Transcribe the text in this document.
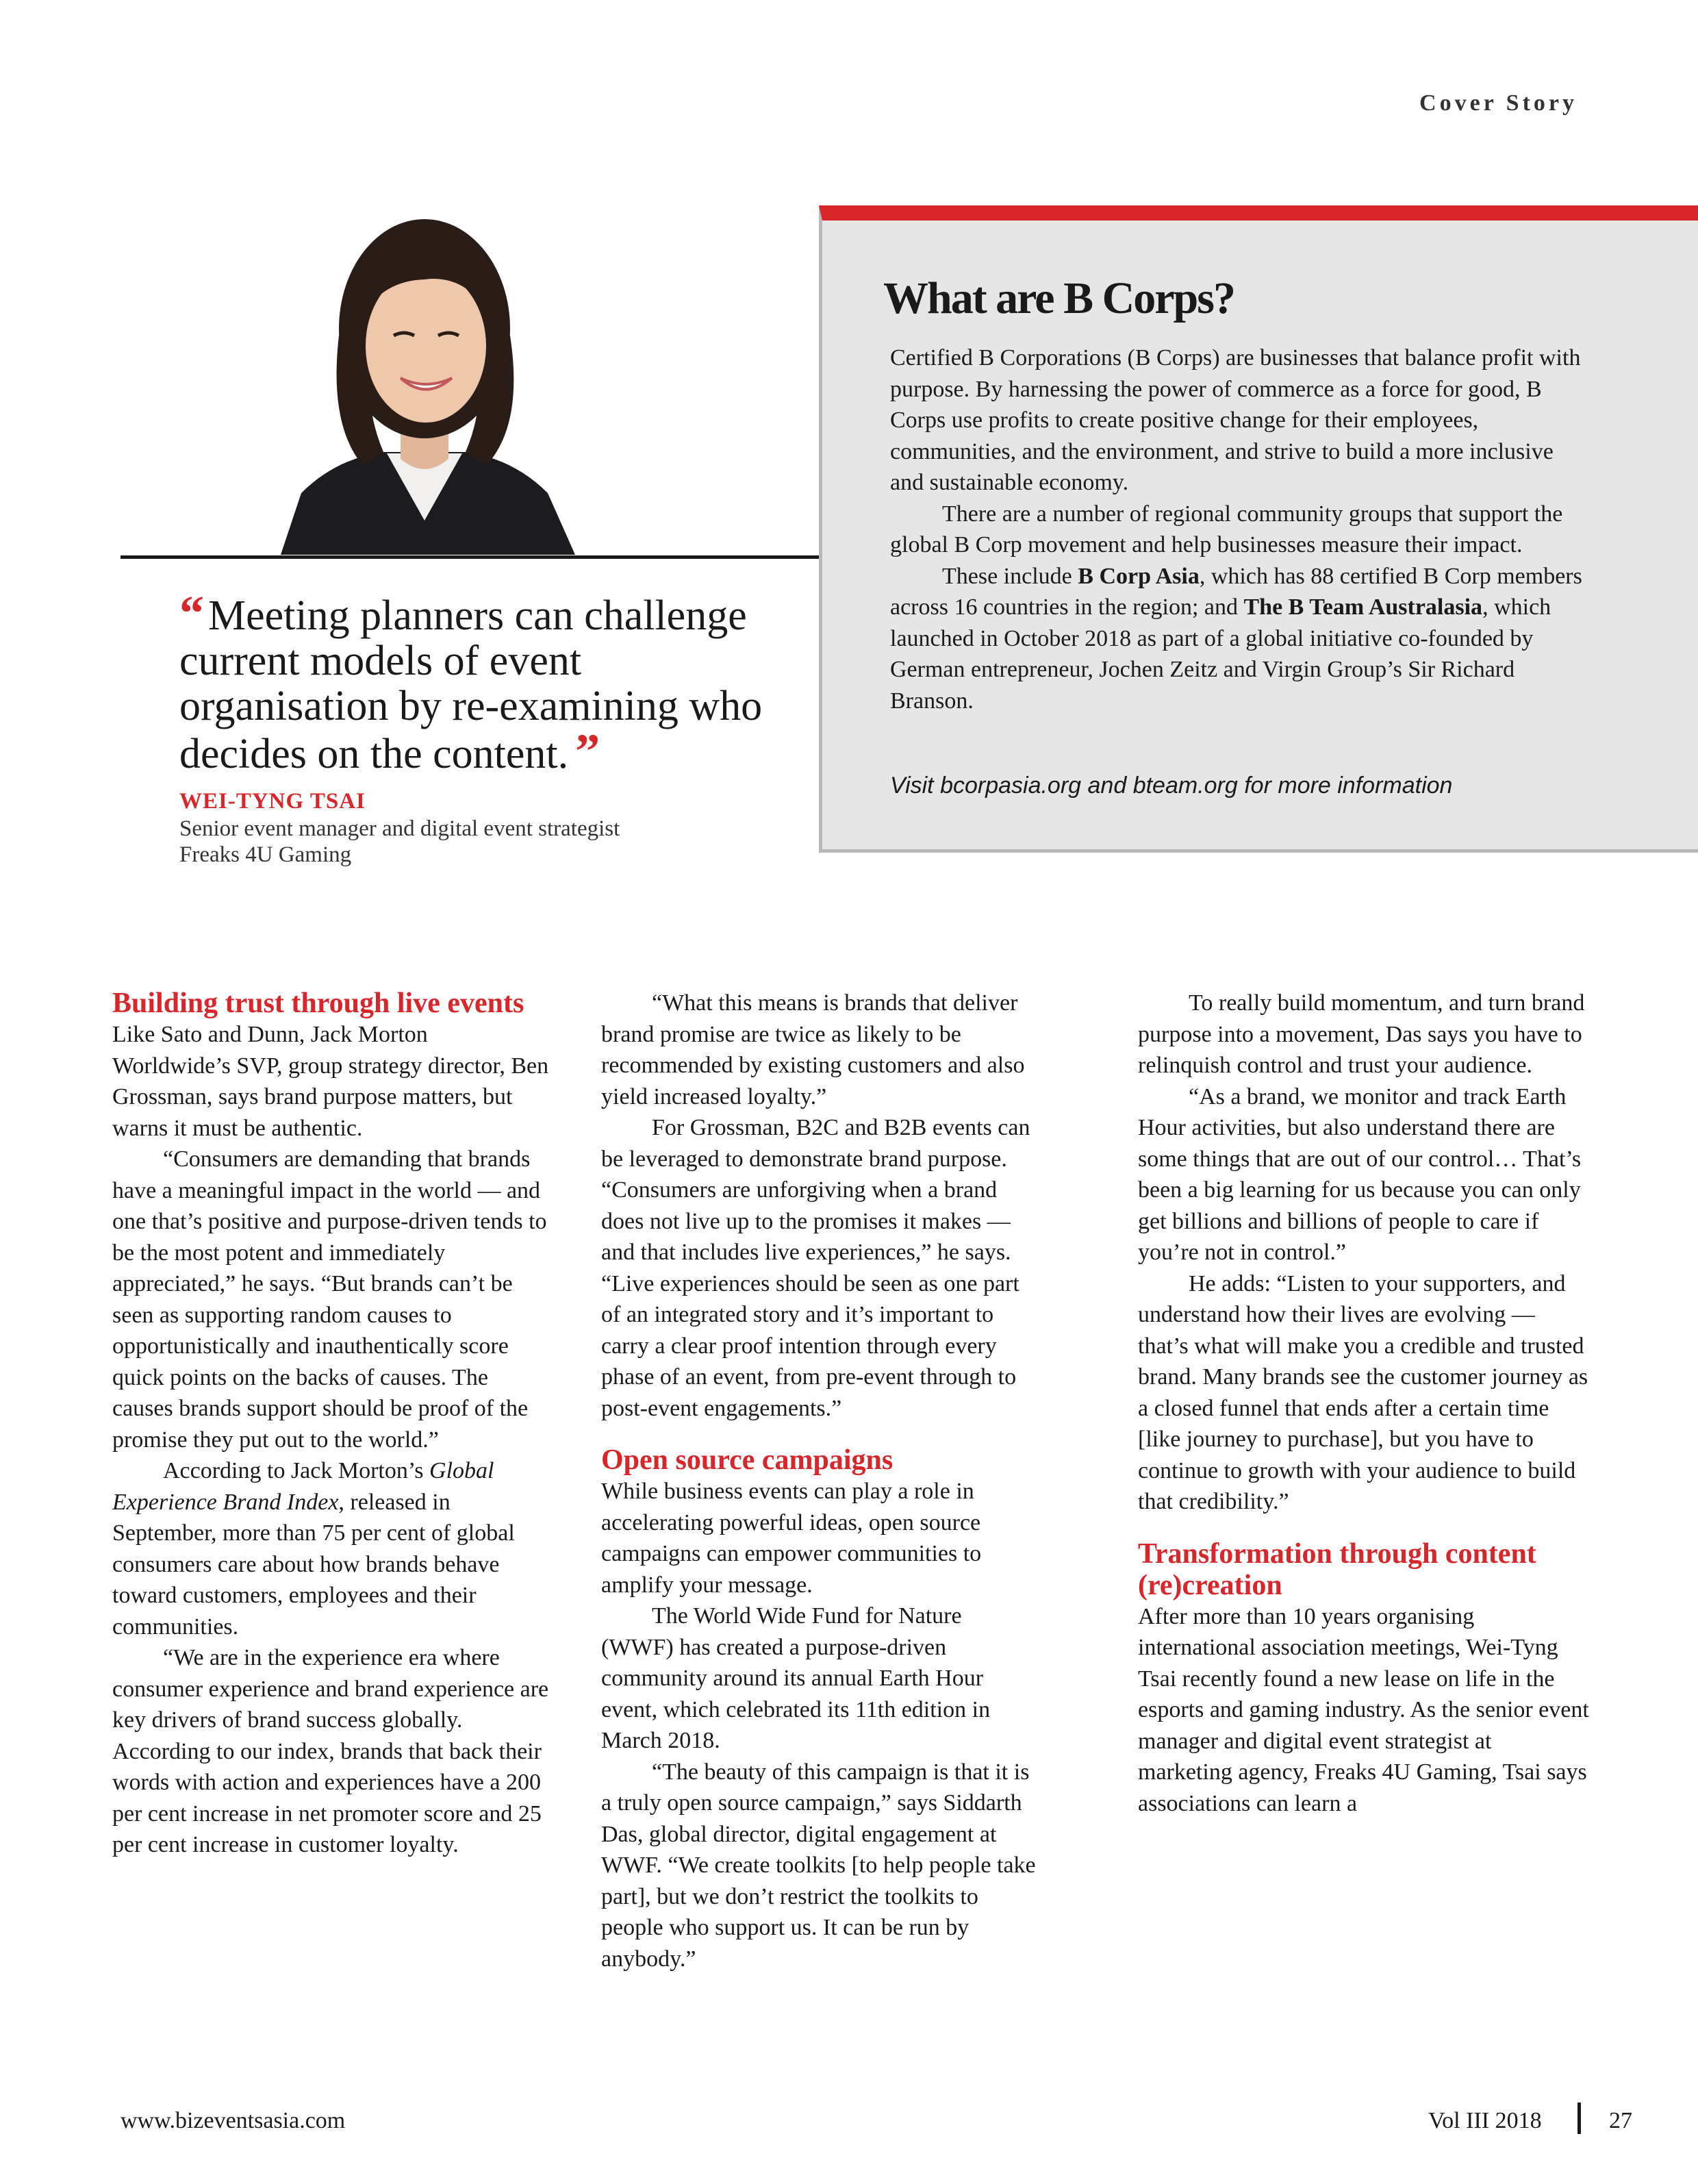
Cover Story
“ Meeting planners can challenge current models of event organisation by re-examining who decides on the content. ”
WEI-TYNG TSAI
Senior event manager and digital event strategist
Freaks 4U Gaming
What are B Corps?

Certified B Corporations (B Corps) are businesses that balance profit with purpose. By harnessing the power of commerce as a force for good, B Corps use profits to create positive change for their employees, communities, and the environment, and strive to build a more inclusive and sustainable economy.

There are a number of regional community groups that support the global B Corp movement and help businesses measure their impact.

These include B Corp Asia, which has 88 certified B Corp members across 16 countries in the region; and The B Team Australasia, which launched in October 2018 as part of a global initiative co-founded by German entrepreneur, Jochen Zeitz and Virgin Group’s Sir Richard Branson.

Visit bcorpasia.org and bteam.org for more information
Building trust through live events

Like Sato and Dunn, Jack Morton Worldwide’s SVP, group strategy director, Ben Grossman, says brand purpose matters, but warns it must be authentic.

“Consumers are demanding that brands have a meaningful impact in the world — and one that’s positive and purpose-driven tends to be the most potent and immediately appreciated,” he says. “But brands can’t be seen as supporting random causes to opportunistically and inauthentically score quick points on the backs of causes. The causes brands support should be proof of the promise they put out to the world.”

According to Jack Morton’s Global Experience Brand Index, released in September, more than 75 per cent of global consumers care about how brands behave toward customers, employees and their communities.

“We are in the experience era where consumer experience and brand experience are key drivers of brand success globally. According to our index, brands that back their words with action and experiences have a 200 per cent increase in net promoter score and 25 per cent increase in customer loyalty.

“What this means is brands that deliver brand promise are twice as likely to be recommended by existing customers and also yield increased loyalty.”

For Grossman, B2C and B2B events can be leveraged to demonstrate brand purpose. “Consumers are unforgiving when a brand does not live up to the promises it makes — and that includes live experiences,” he says. “Live experiences should be seen as one part of an integrated story and it’s important to carry a clear proof intention through every phase of an event, from pre-event through to post-event engagements.”

Open source campaigns

While business events can play a role in accelerating powerful ideas, open source campaigns can empower communities to amplify your message.

The World Wide Fund for Nature (WWF) has created a purpose-driven community around its annual Earth Hour event, which celebrated its 11th edition in March 2018.

“The beauty of this campaign is that it is a truly open source campaign,” says Siddarth Das, global director, digital engagement at WWF. “We create toolkits [to help people take part], but we don’t restrict the toolkits to people who support us. It can be run by anybody.”

To really build momentum, and turn brand purpose into a movement, Das says you have to relinquish control and trust your audience.

“As a brand, we monitor and track Earth Hour activities, but also understand there are some things that are out of our control… That’s been a big learning for us because you can only get billions and billions of people to care if you’re not in control.”

He adds: “Listen to your supporters, and understand how their lives are evolving — that’s what will make you a credible and trusted brand. Many brands see the customer journey as a closed funnel that ends after a certain time [like journey to purchase], but you have to continue to growth with your audience to build that credibility.”

Transformation through content (re)creation

After more than 10 years organising international association meetings, Wei-Tyng Tsai recently found a new lease on life in the esports and gaming industry. As the senior event manager and digital event strategist at marketing agency, Freaks 4U Gaming, Tsai says associations can learn a

www.bizeventsasia.com	Vol III 2018	27
